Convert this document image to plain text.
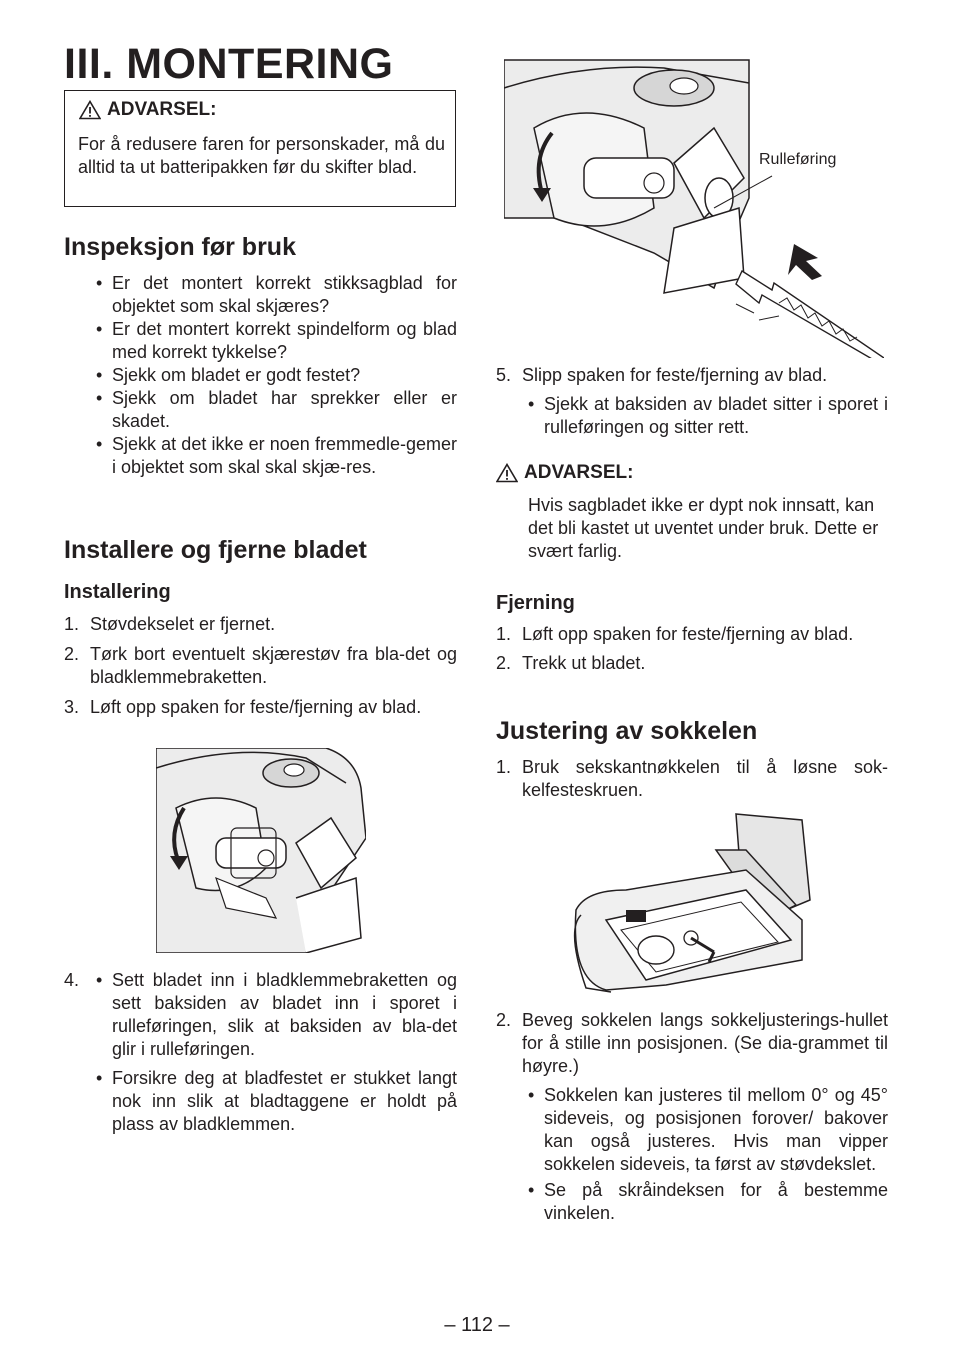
III. MONTERING
ADVARSEL:
For å redusere faren for personskader, må du alltid ta ut batteripakken før du skifter blad.
Inspeksjon før bruk
• Er det montert korrekt stikksagblad for objektet som skal skjæres?
• Er det montert korrekt spindelform og blad med korrekt tykkelse?
• Sjekk om bladet er godt festet?
• Sjekk om bladet har sprekker eller er skadet.
• Sjekk at det ikke er noen fremmedle-gemer i objektet som skal skal skjæ-res.
Installere og fjerne bladet
Installering
1. Støvdekselet er fjernet.
2. Tørk bort eventuelt skjærestøv fra bla-det og bladklemmebraketten.
3. Løft opp spaken for feste/fjerning av blad.
4.
•	Sett bladet inn i bladklemmebraketten og sett baksiden av bladet inn i sporet i rulleføringen, slik at baksiden av bla-det glir i rulleføringen.
• Forsikre deg at bladfestet er stukket langt nok inn slik at bladtaggene er holdt på plass av bladklemmen.
Rulleføring
5. Slipp spaken for feste/fjerning av blad.
• Sjekk at baksiden av bladet sitter i sporet i rulleføringen og sitter rett.
ADVARSEL:
Hvis sagbladet ikke er dypt nok innsatt, kan det bli kastet ut uventet under bruk. Dette er svært farlig.
Fjerning
1. Løft opp spaken for feste/fjerning av blad.
2. Trekk ut bladet.
Justering av sokkelen
1. Bruk sekskantnøkkelen til å løsne sok-kelfesteskruen.
2. Beveg sokkelen langs sokkeljusterings-hullet for å stille inn posisjonen. (Se dia-grammet til høyre.)
• Sokkelen kan justeres til mellom 0° og 45° sideveis, og posisjonen forover/ bakover kan også justeres. Hvis man vipper sokkelen sideveis, ta først av støvdekslet.
• Se på skråindeksen for å bestemme vinkelen.
– 112 –
